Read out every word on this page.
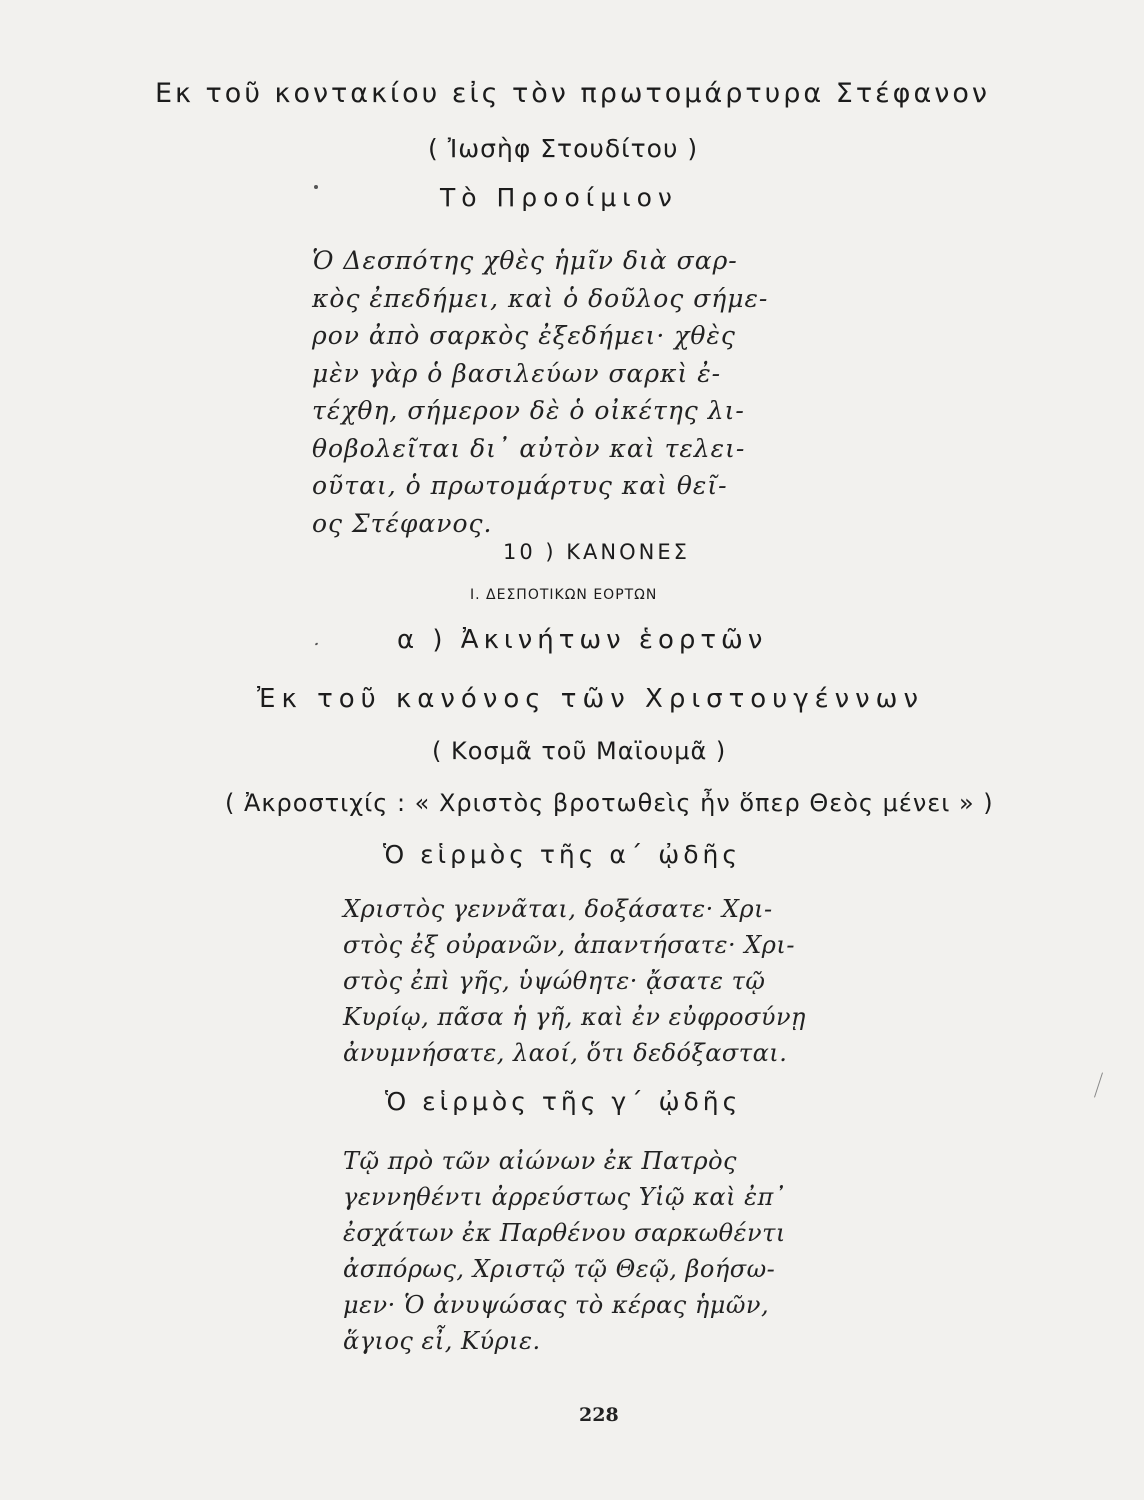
Εκ τοῦ κοντακίου εἰς τὸν πρωτομάρτυρα Στέφανον
( Ἰωσὴφ Στουδίτου )
Τὸ Προοίμιον
Ὁ Δεσπότης χθὲς ἡμῖν διὰ σαρ-
κὸς ἐπεδήμει, καὶ ὁ δοῦλος σήμε-
ρον ἀπὸ σαρκὸς ἐξεδήμει· χθὲς
μὲν γὰρ ὁ βασιλεύων σαρκὶ ἐ-
τέχθη, σήμερον δὲ ὁ οἰκέτης λι-
θοβολεῖται δι᾽ αὐτὸν καὶ τελει-
οῦται, ὁ πρωτομάρτυς καὶ θεῖ-
ος Στέφανος.
10 ) ΚΑΝΟΝΕΣ
Ι. ΔΕΣΠΟΤΙΚΩΝ ΕΟΡΤΩΝ
α ) Ἀκινήτων ἑορτῶν
Ἐκ τοῦ κανόνος τῶν Χριστουγέννων
( Κοσμᾶ τοῦ Μαϊουμᾶ )
( Ἀκροστιχίς : « Χριστὸς βροτωθεὶς ἦν ὅπερ Θεὸς μένει » )
Ὁ εἱρμὸς τῆς α΄ ᾠδῆς
Χριστὸς γεννᾶται, δοξάσατε· Χρι-
στὸς ἐξ οὐρανῶν, ἀπαντήσατε· Χρι-
στὸς ἐπὶ γῆς, ὑψώθητε· ᾄσατε τῷ
Κυρίῳ, πᾶσα ἡ γῆ, καὶ ἐν εὐφροσύνῃ
ἀνυμνήσατε, λαοί, ὅτι δεδόξασται.
Ὁ εἱρμὸς τῆς γ΄ ᾠδῆς
Τῷ πρὸ τῶν αἰώνων ἐκ Πατρὸς
γεννηθέντι ἀρρεύστως Υἱῷ καὶ ἐπ᾽
ἐσχάτων ἐκ Παρθένου σαρκωθέντι
ἀσπόρως, Χριστῷ τῷ Θεῷ, βοήσω-
μεν· Ὁ ἀνυψώσας τὸ κέρας ἡμῶν,
ἅγιος εἶ, Κύριε.
228
